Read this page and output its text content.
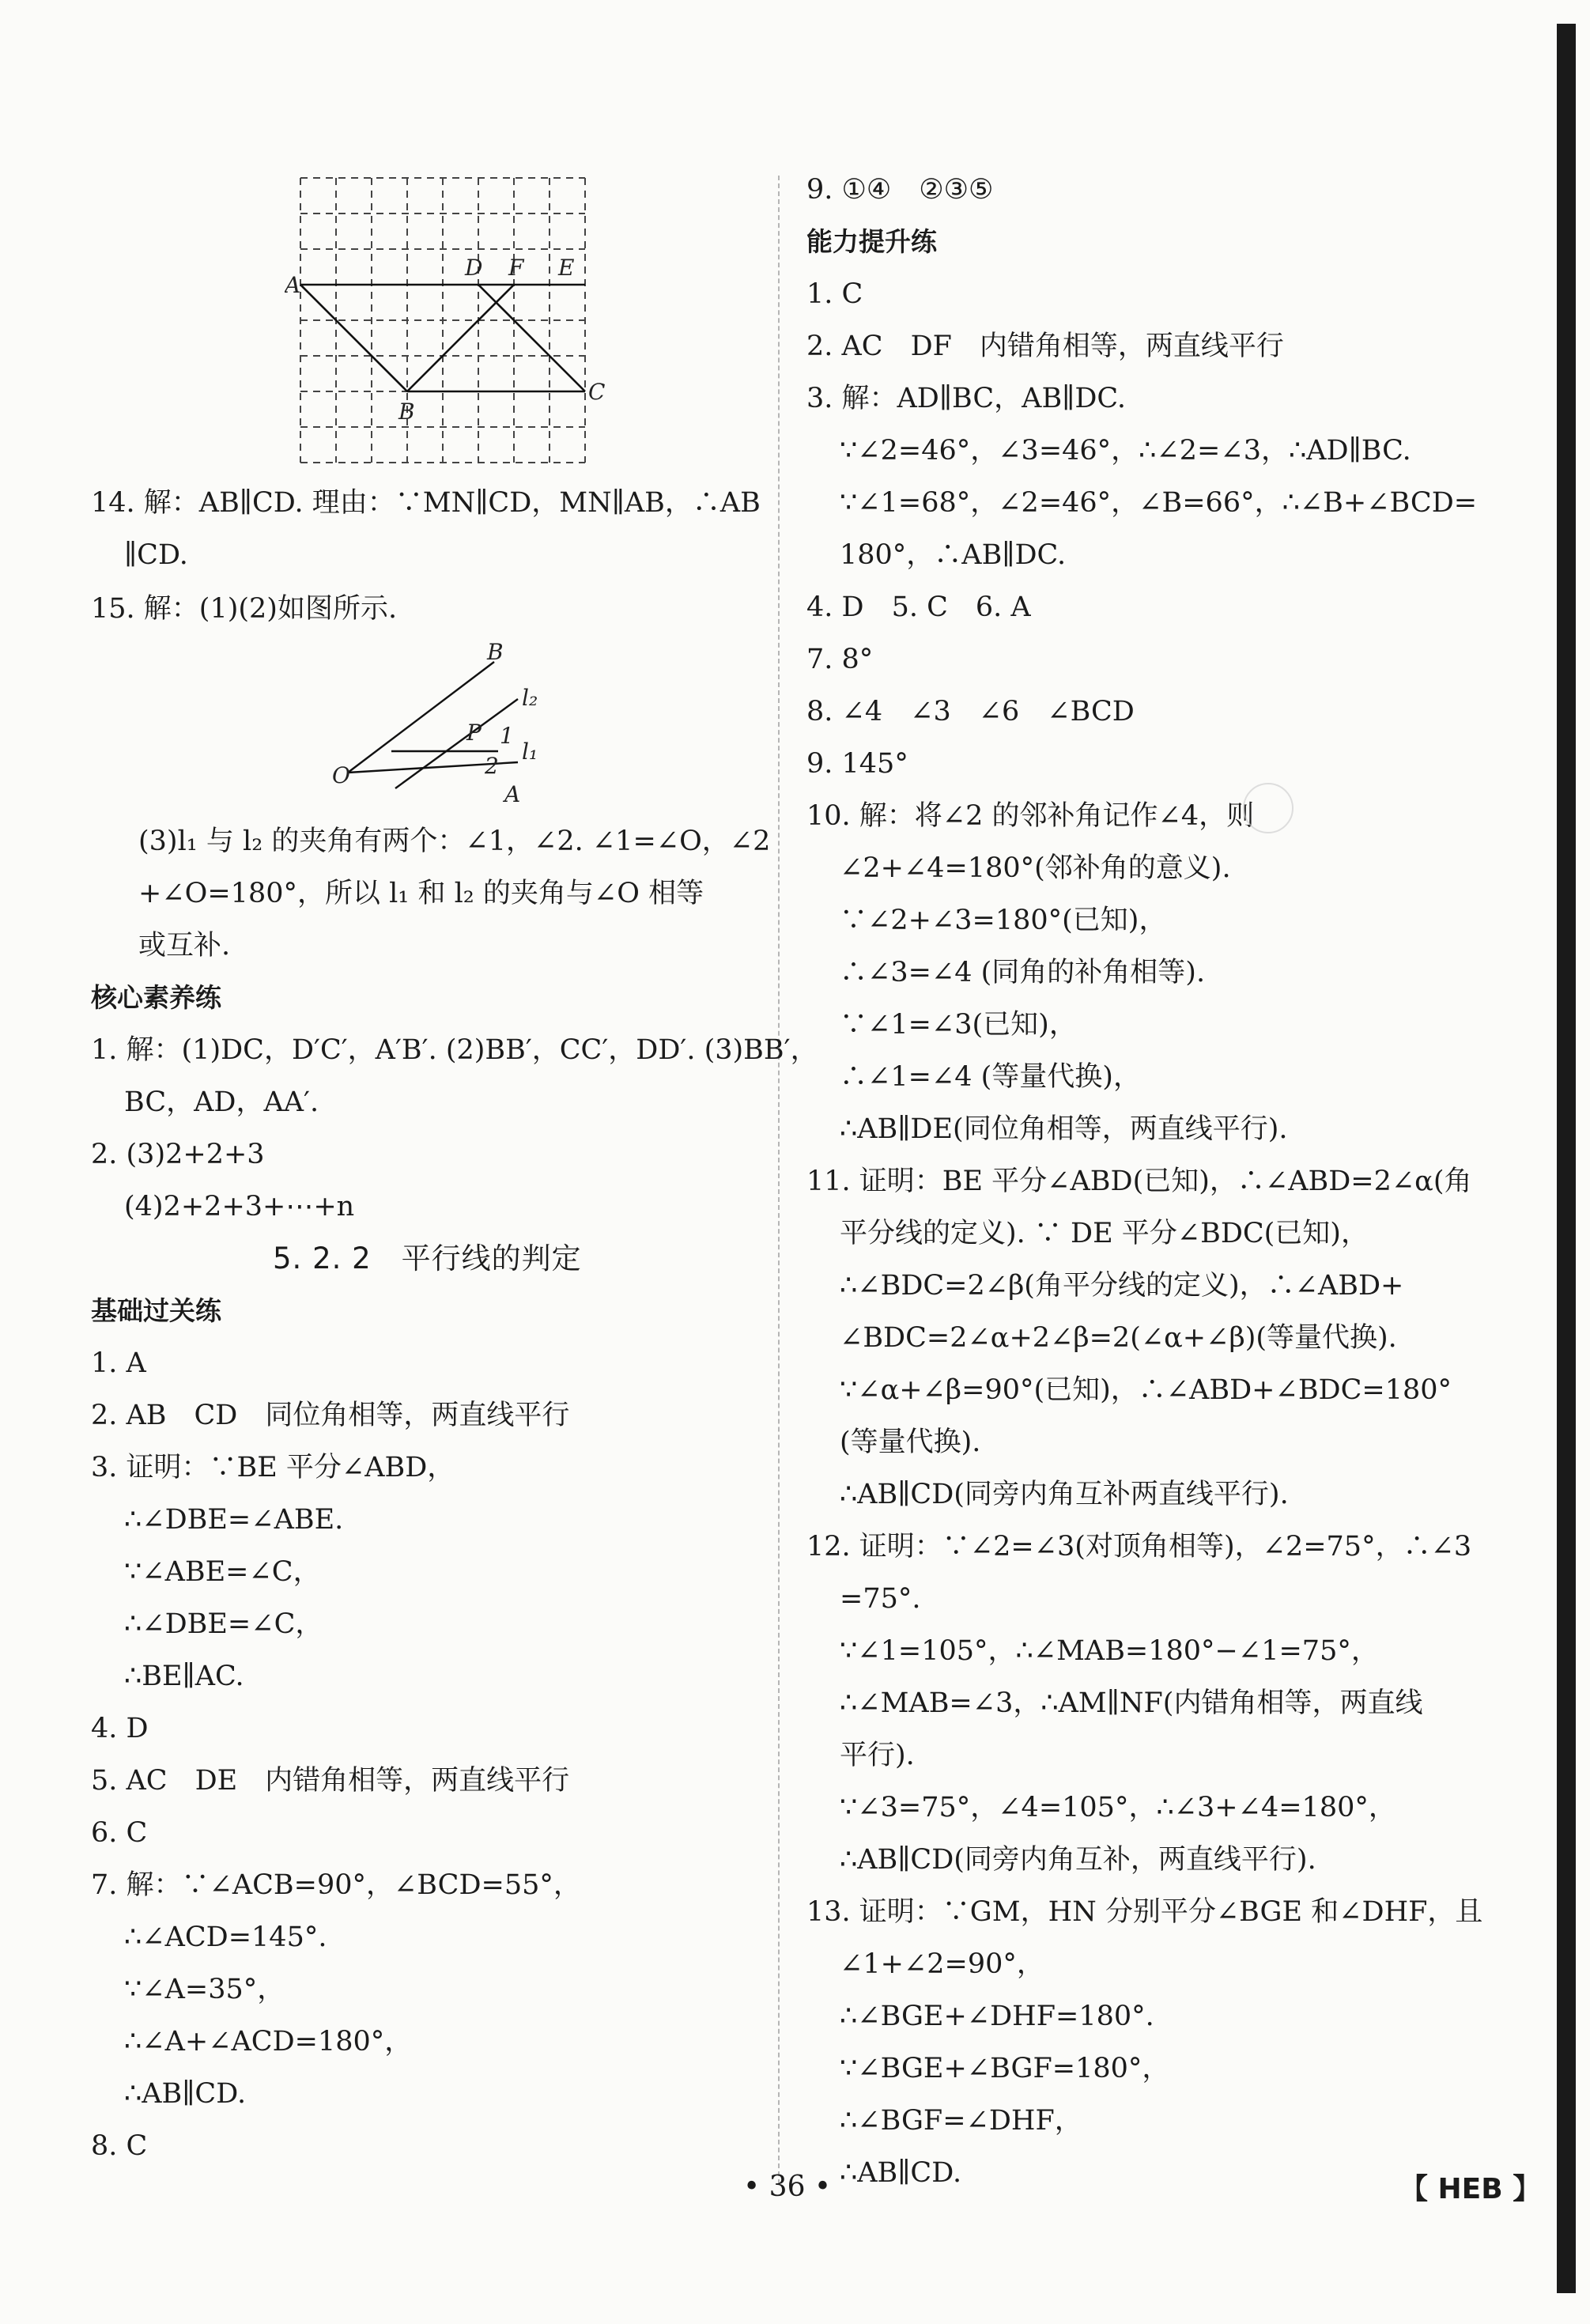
A
D F E
B
C
14. 解：AB∥CD. 理由：∵MN∥CD，MN∥AB，∴AB
∥CD.
15. 解：(1)(2)如图所示.
B
l₂
P 1
l₁
2
O
A
(3)l₁ 与 l₂ 的夹角有两个：∠1，∠2. ∠1=∠O，∠2
+∠O=180°，所以 l₁ 和 l₂ 的夹角与∠O 相等
或互补.
核心素养练
1. 解：(1)DC，D′C′，A′B′. (2)BB′，CC′，DD′. (3)BB′，
BC，AD，AA′.
2. (3)2+2+3
(4)2+2+3+⋯+n
5. 2. 2　平行线的判定
基础过关练
1. A
2. AB　CD　同位角相等，两直线平行
3. 证明：∵BE 平分∠ABD，
∴∠DBE=∠ABE.
∵∠ABE=∠C，
∴∠DBE=∠C，
∴BE∥AC.
4. D
5. AC　DE　内错角相等，两直线平行
6. C
7. 解：∵∠ACB=90°，∠BCD=55°，
∴∠ACD=145°.
∵∠A=35°，
∴∠A+∠ACD=180°，
∴AB∥CD.
8. C
9. ①④　②③⑤
能力提升练
1. C
2. AC　DF　内错角相等，两直线平行
3. 解：AD∥BC，AB∥DC.
∵∠2=46°，∠3=46°，∴∠2=∠3，∴AD∥BC.
∵∠1=68°，∠2=46°，∠B=66°，∴∠B+∠BCD=
180°，∴AB∥DC.
4. D　5. C　6. A
7. 8°
8. ∠4　∠3　∠6　∠BCD
9. 145°
10. 解：将∠2 的邻补角记作∠4，则
∠2+∠4=180°(邻补角的意义).
∵∠2+∠3=180°(已知)，
∴∠3=∠4 (同角的补角相等).
∵∠1=∠3(已知)，
∴∠1=∠4 (等量代换)，
∴AB∥DE(同位角相等，两直线平行).
11. 证明：BE 平分∠ABD(已知)，∴∠ABD=2∠α(角
平分线的定义). ∵ DE 平分∠BDC(已知)，
∴∠BDC=2∠β(角平分线的定义)，∴∠ABD+
∠BDC=2∠α+2∠β=2(∠α+∠β)(等量代换).
∵∠α+∠β=90°(已知)，∴∠ABD+∠BDC=180°
(等量代换).
∴AB∥CD(同旁内角互补两直线平行).
12. 证明：∵∠2=∠3(对顶角相等)，∠2=75°，∴∠3
=75°.
∵∠1=105°，∴∠MAB=180°−∠1=75°，
∴∠MAB=∠3，∴AM∥NF(内错角相等，两直线
平行).
∵∠3=75°，∠4=105°，∴∠3+∠4=180°，
∴AB∥CD(同旁内角互补，两直线平行).
13. 证明：∵GM，HN 分别平分∠BGE 和∠DHF，且
∠1+∠2=90°，
∴∠BGE+∠DHF=180°.
∵∠BGE+∠BGF=180°，
∴∠BGF=∠DHF，
∴AB∥CD.
• 36 •	【 HEB 】
